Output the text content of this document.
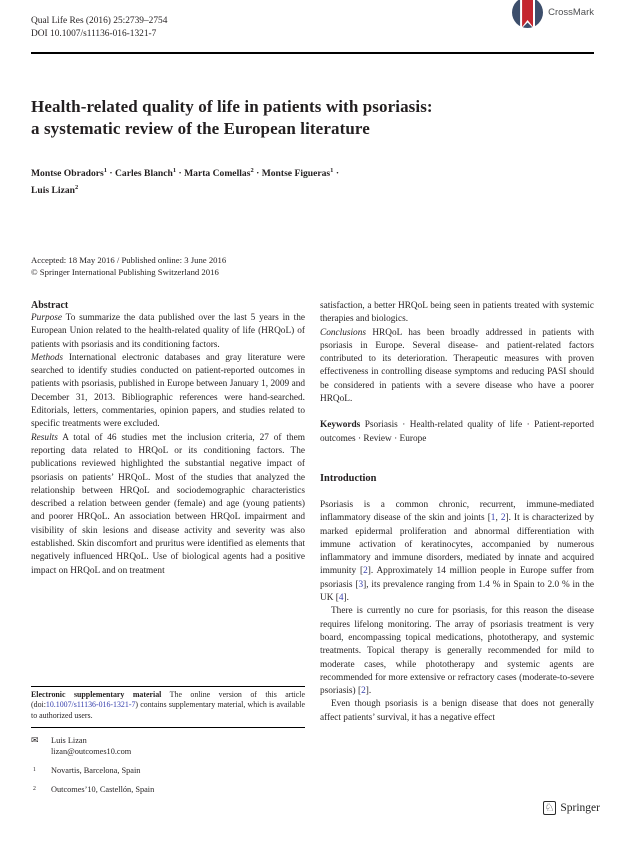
Qual Life Res (2016) 25:2739–2754
DOI 10.1007/s11136-016-1321-7
CrossMark
Health-related quality of life in patients with psoriasis:
a systematic review of the European literature
Montse Obradors$^1$ · Carles Blanch$^1$ · Marta Comellas$^2$ · Montse Figueras$^1$ ·
Luis Lizan$^2$
Accepted: 18 May 2016 / Published online: 3 June 2016
© Springer International Publishing Switzerland 2016
Abstract

Purpose To summarize the data published over the last 5 years in the European Union related to the health-related quality of life (HRQoL) of patients with psoriasis and its conditioning factors.

Methods International electronic databases and gray literature were searched to identify studies conducted on patient-reported outcomes in patients with psoriasis, published in Europe between January 1, 2009 and December 31, 2013. Bibliographic references were hand-searched. Editorials, letters, commentaries, opinion papers, and studies related to specific treatments were excluded.

Results A total of 46 studies met the inclusion criteria, 27 of them reporting data related to HRQoL or its conditioning factors. The publications reviewed highlighted the substantial negative impact of psoriasis on patients’ HRQoL. Most of the studies that analyzed the relationship between HRQoL and sociodemographic characteristics described a relation between gender (female) and age (young patients) and poorer HRQoL. An association between HRQoL impairment and visibility of skin lesions and disease activity and severity was also established. Skin discomfort and pruritus were identified as elements that negatively influenced HRQoL. Use of biological agents had a positive impact on HRQoL and on treatment

Electronic supplementary material The online version of this article (doi:10.1007/s11136-016-1321-7) contains supplementary material, which is available to authorized users.

✉	Luis Lizan
lizan@outcomes10.com
1	Novartis, Barcelona, Spain
2	Outcomes’10, Castellón, Spain

satisfaction, a better HRQoL being seen in patients treated with systemic therapies and biologics.

Conclusions HRQoL has been broadly addressed in patients with psoriasis in Europe. Several disease- and patient-related factors contributed to its deterioration. Therapeutic measures with proven effectiveness in controlling disease symptoms and reducing PASI should be considered in patients with a severe disease who have a poorer HRQoL.

Keywords Psoriasis · Health-related quality of life · Patient-reported outcomes · Review · Europe

Introduction

Psoriasis is a common chronic, recurrent, immune-mediated inflammatory disease of the skin and joints [1, 2]. It is characterized by marked epidermal proliferation and abnormal differentiation with immune activation of keratinocytes, accompanied by numerous inflammatory and immune disorders, mediated by innate and acquired immunity [2]. Approximately 14 million people in Europe suffer from psoriasis [3], its prevalence ranging from 1.4 % in Spain to 2.0 % in the UK [4].

There is currently no cure for psoriasis, for this reason the disease requires lifelong monitoring. The array of psoriasis treatment is very board, encompassing topical medications, phototherapy, and systemic treatments. Topical therapy is generally recommended for mild to moderate cases, while phototherapy and systemic agents are recommended for more extensive or refractory cases (moderate-to-severe psoriasis) [2].

Even though psoriasis is a benign disease that does not generally affect patients’ survival, it has a negative effect

♘ Springer
